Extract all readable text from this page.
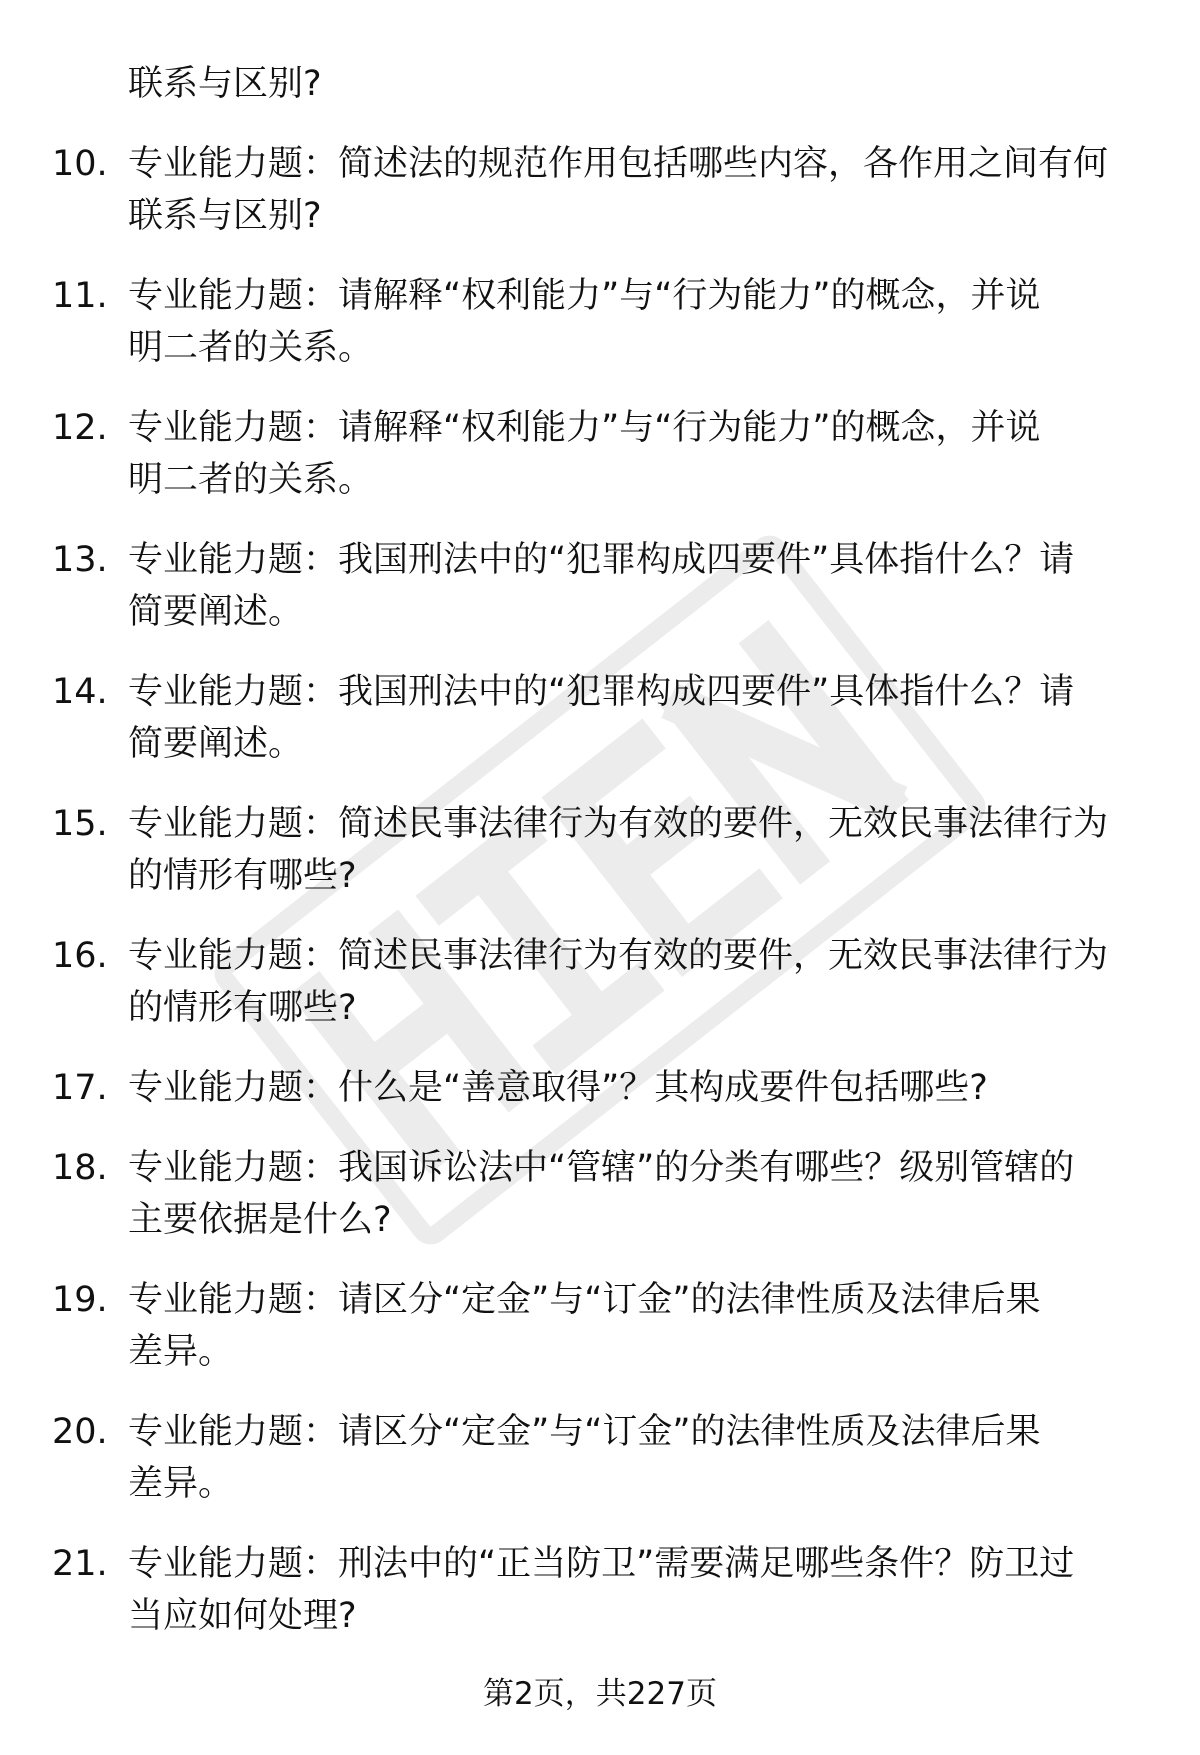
联系与区别?
10. 专业能力题：简述法的规范作用包括哪些内容，各作用之间有何
联系与区别?
11. 专业能力题：请解释“权利能力”与“行为能力”的概念，并说
明二者的关系。
12. 专业能力题：请解释“权利能力”与“行为能力”的概念，并说
明二者的关系。
13. 专业能力题：我国刑法中的“犯罪构成四要件”具体指什么？请
简要阐述。
14. 专业能力题：我国刑法中的“犯罪构成四要件”具体指什么？请
简要阐述。
15. 专业能力题：简述民事法律行为有效的要件，无效民事法律行为
的情形有哪些?
16. 专业能力题：简述民事法律行为有效的要件，无效民事法律行为
的情形有哪些?
17. 专业能力题：什么是“善意取得”？其构成要件包括哪些?
18. 专业能力题：我国诉讼法中“管辖”的分类有哪些？级别管辖的
主要依据是什么?
19. 专业能力题：请区分“定金”与“订金”的法律性质及法律后果
差异。
20. 专业能力题：请区分“定金”与“订金”的法律性质及法律后果
差异。
21. 专业能力题：刑法中的“正当防卫”需要满足哪些条件？防卫过
当应如何处理?
第2页，共227页
